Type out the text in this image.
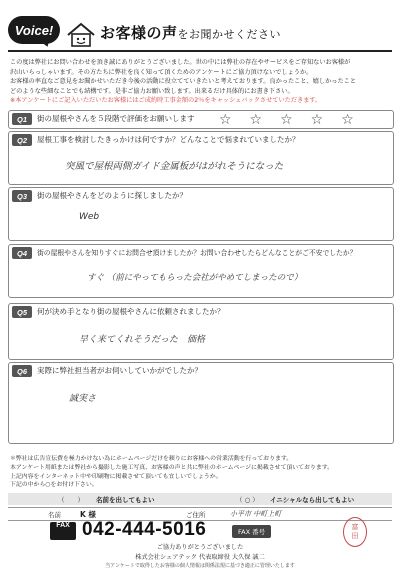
Voice!	お客様の声をお聞かせください

この度は弊社にお問い合わせを頂き誠にありがとうございました。世の中には弊社の存在やサービスをご存知ないお客様が

沢山いらっしゃいます。その方たちに弊社を良く知って頂くためのアンケートにご協力頂けないでしょうか。

お客様の率直なご意見をお聞かせいただき今後の活動に役立てていきたいと考えております。良かったこと、嬉しかったこと

どのような些細なことでも結構です。是非ご協力お願い致します。出来るだけ具体的にお書き下さい。

※本アンケートにご記入いただいたお客様にはご成約時工事金額の2％をキャッシュバックさせていただきます。

Q1	街の屋根やさんを５段階で評価をお願いします ☆☆☆☆☆
Q2	屋根工事を検討したきっかけは何ですか？どんなことで悩まれていましたか？
突風で屋根両側ガイド金属板がはがれそうになった
Q3	街の屋根やさんをどのように探しましたか？
Web
Q4	街の屋根やさんを知りすぐにお問合せ頂けましたか？お問い合わせしたらどんなことがご不安でしたか？
すぐ （前にやってもらった会社がやめてしまったので）
Q5	何が決め手となり街の屋根やさんに依頼されましたか？
早く来てくれそうだった　価格
Q6	実際に弊社担当者がお伺いしていかがでしたか？
誠実さ

＊弊社は広告宣伝費を極力かけない為にホームページだけを頼りにお客様への営業活動を行っております。

本アンケート用紙または弊社から撮影した施工写真、お客様の声と共に弊社のホームページに掲載させて頂いております。

上記内容をインターネット中や印刷物に掲載させて頂いても宜しいでしょうか。

下記の中から○をお付け下さい。

（　　） 名前を出してもよい	（ ○ ） イニシャルなら出してもよい
名前	K 様	ご住所	小平市 中町上町
FAX 042-444-5016	FAX 番号
富
田
ご協力ありがとうございました
株式会社シェアテック 代表取締役 大久保 誠二
当アンケートで取得したお客様の個人情報は関係法規に基づき適正に管理いたします
